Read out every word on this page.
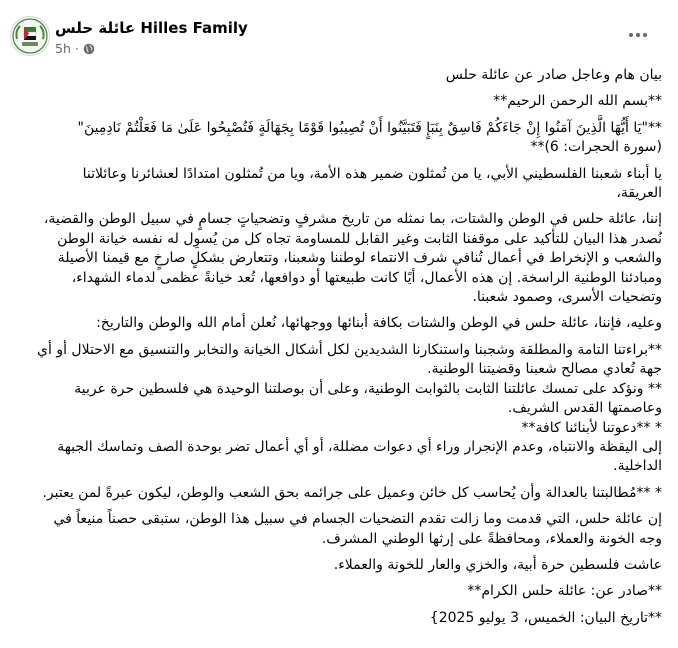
عائلة حلس Hilles Family
5h ·

بيان هام وعاجل صادر عن عائلة حلس

**بسم الله الرحمن الرحيم**

**"يَا أَيُّهَا الَّذِينَ آمَنُوا إِنْ جَاءَكُمْ فَاسِقٌ بِنَبَإٍ فَتَبَيَّنُوا أَنْ تُصِيبُوا قَوْمًا بِجَهَالَةٍ فَتُصْبِحُوا عَلَىٰ مَا فَعَلْتُمْ نَادِمِينَ" (سورة الحجرات: 6)**

يا أبناء شعبنا الفلسطيني الأبي، يا من تُمثلون ضمير هذه الأمة، ويا من تُمثلون امتدادًا لعشائرنا وعائلاتنا العريقة،

إننا، عائلة حلس في الوطن والشتات، بما نمثله من تاريخ مشرفٍ وتضحياتٍ جسامٍ في سبيل الوطن والقضية، نُصدر هذا البيان للتأكيد على موقفنا الثابت وغير القابل للمساومة تجاه كل من يُسوِل له نفسه خيانة الوطن والشعب و الإنخراط في أعمال تُنافي شرف الانتماء لوطننا وشعبنا، وتتعارض بشكلٍ صارخٍ مع قيمنا الأصيلة ومبادئنا الوطنية الراسخة. إن هذه الأعمال، أيًا كانت طبيعتها أو دوافعها، تُعد خيانةً عظمى لدماء الشهداء، وتضحيات الأسرى، وصمود شعبنا.

وعليه، فإننا، عائلة حلس في الوطن والشتات بكافة أبنائها ووجهائها، نُعلن أمام الله والوطن والتاريخ:

**براءتنا التامة والمطلقة وشجبنا واستنكارنا الشديدين لكل أشكال الخيانة والتخابر والتنسيق مع الاحتلال أو أي جهة تُعادي مصالح شعبنا وقضيتنا الوطنية.
** ونؤكد على تمسك عائلتنا الثابت بالثوابت الوطنية، وعلى أن بوصلتنا الوحيدة هي فلسطين حرة عربية وعاصمتها القدس الشريف.
* **دعوتنا لأبنائنا كافة**
إلى اليقظة والانتباه، وعدم الإنجرار وراء أي دعوات مضللة، أو أي أعمال تضر بوحدة الصف وتماسك الجبهة الداخلية.

* **مُطالبتنا بالعدالة وأن يُحاسب كل خائن وعميل على جرائمه بحق الشعب والوطن، ليكون عبرةً لمن يعتبر.

إن عائلة حلس، التي قدمت وما زالت تقدم التضحيات الجسام في سبيل هذا الوطن، ستبقى حصناً منيعاً في وجه الخونة والعملاء، ومحافظةً على إرثها الوطني المشرف.

عاشت فلسطين حرة أبية، والخزي والعار للخونة والعملاء.

**صادر عن: عائلة حلس الكرام**

**تاريخ البيان: الخميس، 3 يوليو 2025}
